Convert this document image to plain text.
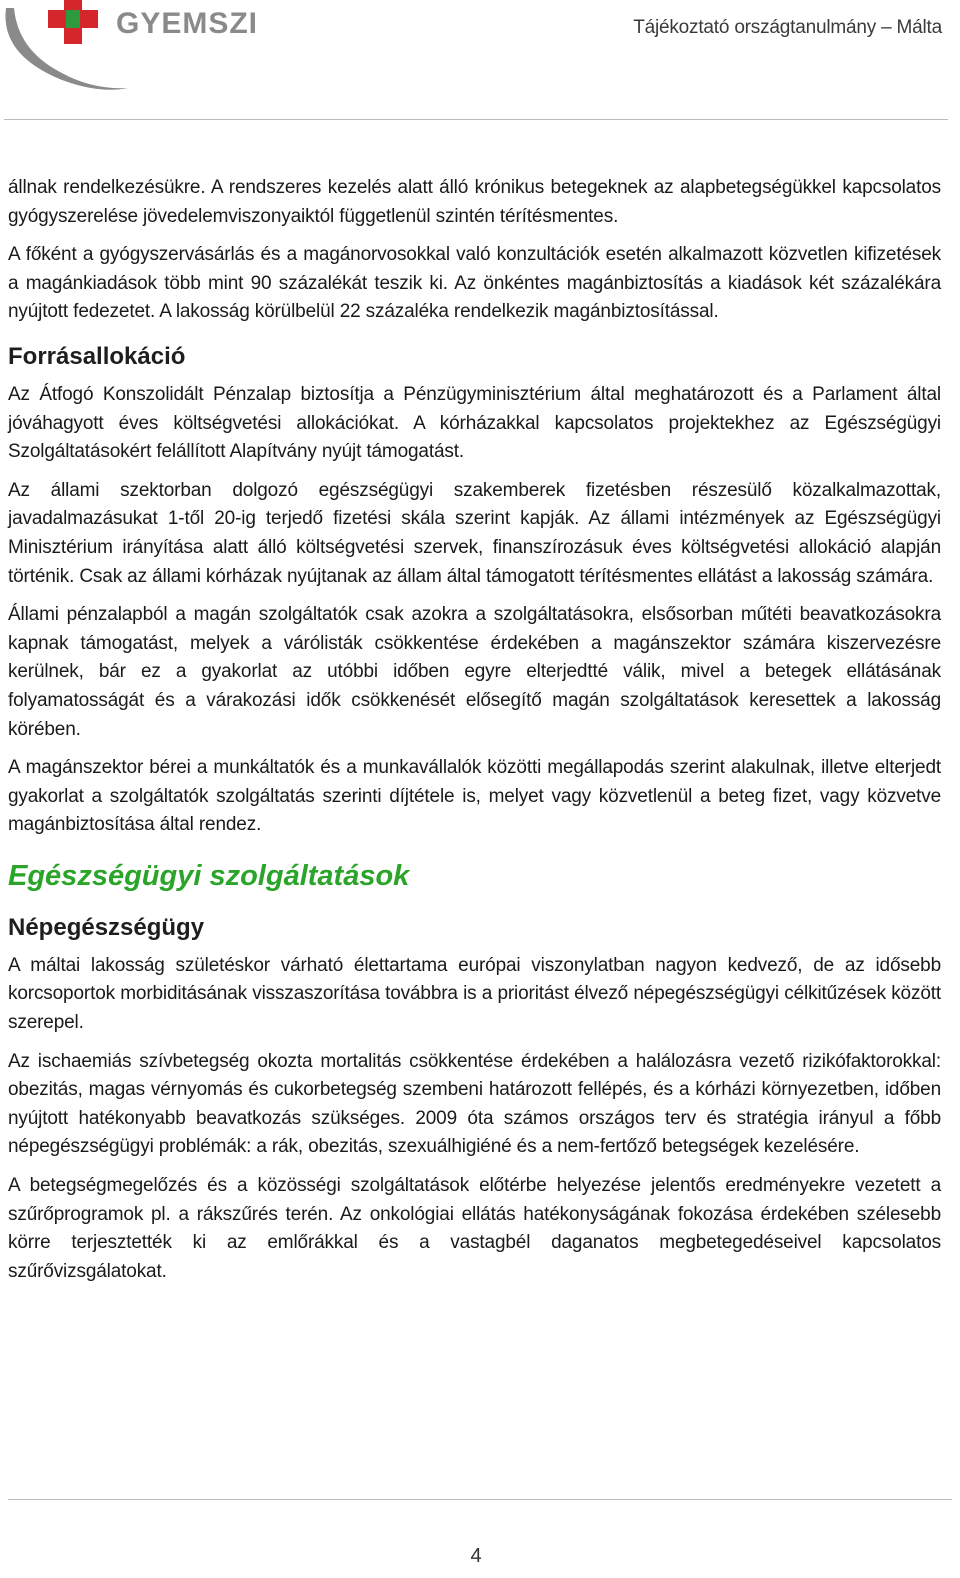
GYEMSZI	Tájékoztató országtanulmány – Málta

állnak rendelkezésükre. A rendszeres kezelés alatt álló krónikus betegeknek az alapbetegségükkel kapcsolatos gyógyszerelése jövedelemviszonyaiktól függetlenül szintén térítésmentes.

A főként a gyógyszervásárlás és a magánorvosokkal való konzultációk esetén alkalmazott közvetlen kifizetések a magánkiadások több mint 90 százalékát teszik ki. Az önkéntes magánbiztosítás a kiadások két százalékára nyújtott fedezetet. A lakosság körülbelül 22 százaléka rendelkezik magánbiztosítással.

Forrásallokáció

Az Átfogó Konszolidált Pénzalap biztosítja a Pénzügyminisztérium által meghatározott és a Parlament által jóváhagyott éves költségvetési allokációkat. A kórházakkal kapcsolatos projektekhez az Egészségügyi Szolgáltatásokért felállított Alapítvány nyújt támogatást.

Az állami szektorban dolgozó egészségügyi szakemberek fizetésben részesülő közalkalmazottak, javadalmazásukat 1-től 20-ig terjedő fizetési skála szerint kapják. Az állami intézmények az Egészségügyi Minisztérium irányítása alatt álló költségvetési szervek, finanszírozásuk éves költségvetési allokáció alapján történik. Csak az állami kórházak nyújtanak az állam által támogatott térítésmentes ellátást a lakosság számára.

Állami pénzalapból a magán szolgáltatók csak azokra a szolgáltatásokra, elsősorban műtéti beavatkozásokra kapnak támogatást, melyek a várólisták csökkentése érdekében a magánszektor számára kiszervezésre kerülnek, bár ez a gyakorlat az utóbbi időben egyre elterjedtté válik, mivel a betegek ellátásának folyamatosságát és a várakozási idők csökkenését elősegítő magán szolgáltatások keresettek a lakosság körében.

A magánszektor bérei a munkáltatók és a munkavállalók közötti megállapodás szerint alakulnak, illetve elterjedt gyakorlat a szolgáltatók szolgáltatás szerinti díjtétele is, melyet vagy közvetlenül a beteg fizet, vagy közvetve magánbiztosítása által rendez.

Egészségügyi szolgáltatások
Népegészségügy

A máltai lakosság születéskor várható élettartama európai viszonylatban nagyon kedvező, de az idősebb korcsoportok morbiditásának visszaszorítása továbbra is a prioritást élvező népegészségügyi célkitűzések között szerepel.

Az ischaemiás szívbetegség okozta mortalitás csökkentése érdekében a halálozásra vezető rizikófaktorokkal: obezitás, magas vérnyomás és cukorbetegség szembeni határozott fellépés, és a kórházi környezetben, időben nyújtott hatékonyabb beavatkozás szükséges. 2009 óta számos országos terv és stratégia irányul a főbb népegészségügyi problémák: a rák, obezitás, szexuálhigiéné és a nem-fertőző betegségek kezelésére.

A betegségmegelőzés és a közösségi szolgáltatások előtérbe helyezése jelentős eredményekre vezetett a szűrőprogramok pl. a rákszűrés terén. Az onkológiai ellátás hatékonyságának fokozása érdekében szélesebb körre terjesztették ki az emlőrákkal és a vastagbél daganatos megbetegedéseivel kapcsolatos szűrővizsgálatokat.

4
